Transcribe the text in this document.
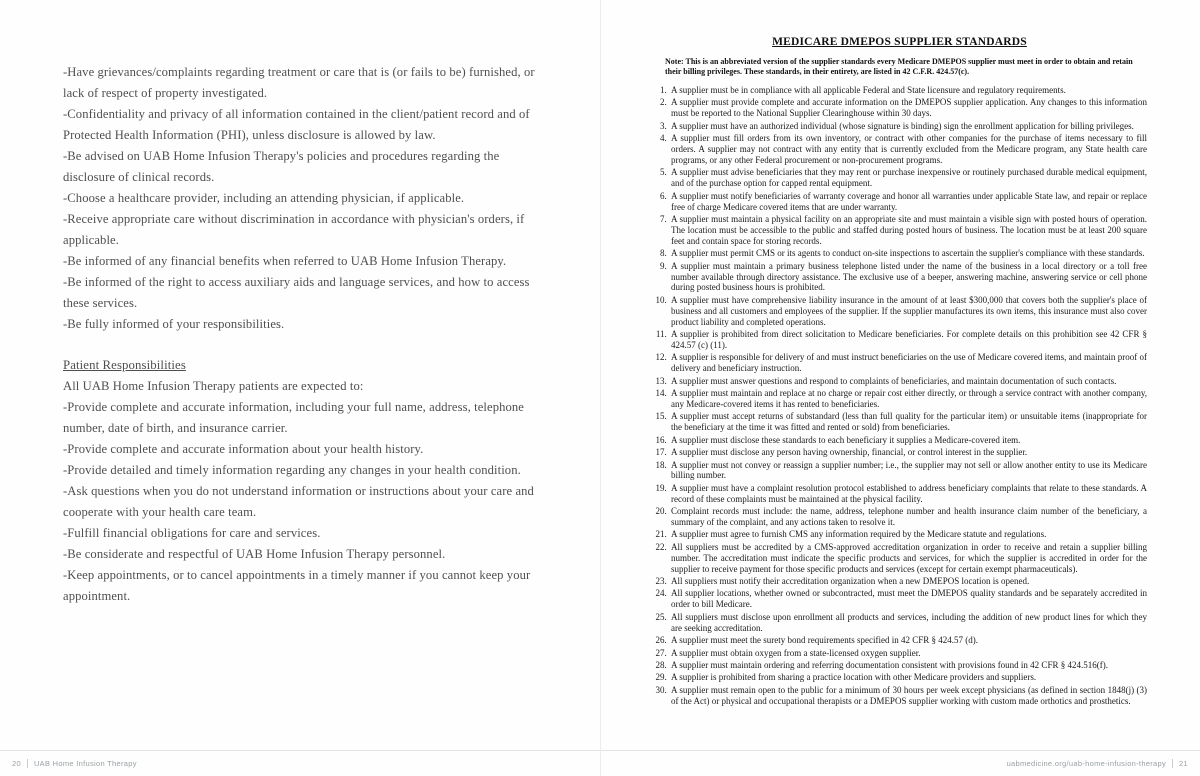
-Have grievances/complaints regarding treatment or care that is (or fails to be) furnished, or lack of respect of property investigated.

-Confidentiality and privacy of all information contained in the client/patient record and of Protected Health Information (PHI), unless disclosure is allowed by law.

-Be advised on UAB Home Infusion Therapy's policies and procedures regarding the disclosure of clinical records.

-Choose a healthcare provider, including an attending physician, if applicable.

-Receive appropriate care without discrimination in accordance with physician's orders, if applicable.

-Be informed of any financial benefits when referred to UAB Home Infusion Therapy.

-Be informed of the right to access auxiliary aids and language services, and how to access these services.

-Be fully informed of your responsibilities.

Patient Responsibilities

All UAB Home Infusion Therapy patients are expected to:

-Provide complete and accurate information, including your full name, address, telephone number, date of birth, and insurance carrier.

-Provide complete and accurate information about your health history.

-Provide detailed and timely information regarding any changes in your health condition.

-Ask questions when you do not understand information or instructions about your care and cooperate with your health care team.

-Fulfill financial obligations for care and services.

-Be considerate and respectful of UAB Home Infusion Therapy personnel.

-Keep appointments, or to cancel appointments in a timely manner if you cannot keep your appointment.

20 UAB Home Infusion Therapy
MEDICARE DMEPOS SUPPLIER STANDARDS

Note: This is an abbreviated version of the supplier standards every Medicare DMEPOS supplier must meet in order to obtain and retain their billing privileges. These standards, in their entirety, are listed in 42 C.F.R. 424.57(c).

1. A supplier must be in compliance with all applicable Federal and State licensure and regulatory requirements.
2. A supplier must provide complete and accurate information on the DMEPOS supplier application. Any changes to this information must be reported to the National Supplier Clearinghouse within 30 days.
3. A supplier must have an authorized individual (whose signature is binding) sign the enrollment application for billing privileges.
4. A supplier must fill orders from its own inventory, or contract with other companies for the purchase of items necessary to fill orders. A supplier may not contract with any entity that is currently excluded from the Medicare program, any State health care programs, or any other Federal procurement or non-procurement programs.
5. A supplier must advise beneficiaries that they may rent or purchase inexpensive or routinely purchased durable medical equipment, and of the purchase option for capped rental equipment.
6. A supplier must notify beneficiaries of warranty coverage and honor all warranties under applicable State law, and repair or replace free of charge Medicare covered items that are under warranty.
7. A supplier must maintain a physical facility on an appropriate site and must maintain a visible sign with posted hours of operation. The location must be accessible to the public and staffed during posted hours of business. The location must be at least 200 square feet and contain space for storing records.
8. A supplier must permit CMS or its agents to conduct on-site inspections to ascertain the supplier's compliance with these standards.
9. A supplier must maintain a primary business telephone listed under the name of the business in a local directory or a toll free number available through directory assistance. The exclusive use of a beeper, answering machine, answering service or cell phone during posted business hours is prohibited.
10. A supplier must have comprehensive liability insurance in the amount of at least $300,000 that covers both the supplier's place of business and all customers and employees of the supplier. If the supplier manufactures its own items, this insurance must also cover product liability and completed operations.
11. A supplier is prohibited from direct solicitation to Medicare beneficiaries. For complete details on this prohibition see 42 CFR § 424.57 (c) (11).
12. A supplier is responsible for delivery of and must instruct beneficiaries on the use of Medicare covered items, and maintain proof of delivery and beneficiary instruction.
13. A supplier must answer questions and respond to complaints of beneficiaries, and maintain documentation of such contacts.
14. A supplier must maintain and replace at no charge or repair cost either directly, or through a service contract with another company, any Medicare-covered items it has rented to beneficiaries.
15. A supplier must accept returns of substandard (less than full quality for the particular item) or unsuitable items (inappropriate for the beneficiary at the time it was fitted and rented or sold) from beneficiaries.
16. A supplier must disclose these standards to each beneficiary it supplies a Medicare-covered item.
17. A supplier must disclose any person having ownership, financial, or control interest in the supplier.
18. A supplier must not convey or reassign a supplier number; i.e., the supplier may not sell or allow another entity to use its Medicare billing number.
19. A supplier must have a complaint resolution protocol established to address beneficiary complaints that relate to these standards. A record of these complaints must be maintained at the physical facility.
20. Complaint records must include: the name, address, telephone number and health insurance claim number of the beneficiary, a summary of the complaint, and any actions taken to resolve it.
21. A supplier must agree to furnish CMS any information required by the Medicare statute and regulations.
22. All suppliers must be accredited by a CMS-approved accreditation organization in order to receive and retain a supplier billing number. The accreditation must indicate the specific products and services, for which the supplier is accredited in order for the supplier to receive payment for those specific products and services (except for certain exempt pharmaceuticals).
23. All suppliers must notify their accreditation organization when a new DMEPOS location is opened.
24. All supplier locations, whether owned or subcontracted, must meet the DMEPOS quality standards and be separately accredited in order to bill Medicare.
25. All suppliers must disclose upon enrollment all products and services, including the addition of new product lines for which they are seeking accreditation.
26. A supplier must meet the surety bond requirements specified in 42 CFR § 424.57 (d).
27. A supplier must obtain oxygen from a state-licensed oxygen supplier.
28. A supplier must maintain ordering and referring documentation consistent with provisions found in 42 CFR § 424.516(f).
29. A supplier is prohibited from sharing a practice location with other Medicare providers and suppliers.
30. A supplier must remain open to the public for a minimum of 30 hours per week except physicians (as defined in section 1848(j) (3) of the Act) or physical and occupational therapists or a DMEPOS supplier working with custom made orthotics and prosthetics.
uabmedicine.org/uab-home-infusion-therapy 21
